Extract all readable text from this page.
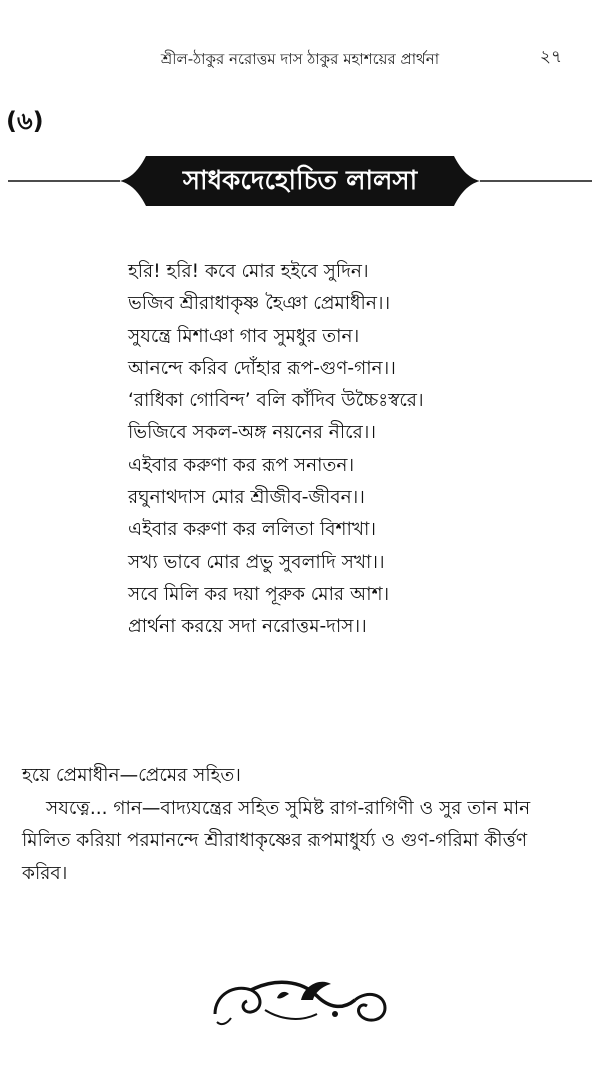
শ্রীল-ঠাকুর নরোত্তম দাস ঠাকুর মহাশয়ের প্রার্থনা	২৭
(৬)
সাধকদেহোচিত লালসা
হরি! হরি! কবে মোর হইবে সুদিন।
ভজিব শ্রীরাধাকৃষ্ণ হৈঞা প্রেমাধীন।।
সুযন্ত্রে মিশাঞা গাব সুমধুর তান।
আনন্দে করিব দোঁহার রূপ-গুণ-গান।।
‘রাধিকা গোবিন্দ’ বলি কাঁদিব উচ্চৈঃস্বরে।
ভিজিবে সকল-অঙ্গ নয়নের নীরে।।
এইবার করুণা কর রূপ সনাতন।
রঘুনাথদাস মোর শ্রীজীব-জীবন।।
এইবার করুণা কর ললিতা বিশাখা।
সখ্য ভাবে মোর প্রভু সুবলাদি সখা।।
সবে মিলি কর দয়া পূরুক মোর আশ।
প্রার্থনা করয়ে সদা নরোত্তম-দাস।।

হয়ে প্রেমাধীন—প্রেমের সহিত।

সযত্নে... গান—বাদ্যযন্ত্রের সহিত সুমিষ্ট রাগ-রাগিণী ও সুর তান মান মিলিত করিয়া পরমানন্দে শ্রীরাধাকৃষ্ণের রূপমাধুর্য্য ও গুণ-গরিমা কীর্ত্তণ করিব।
